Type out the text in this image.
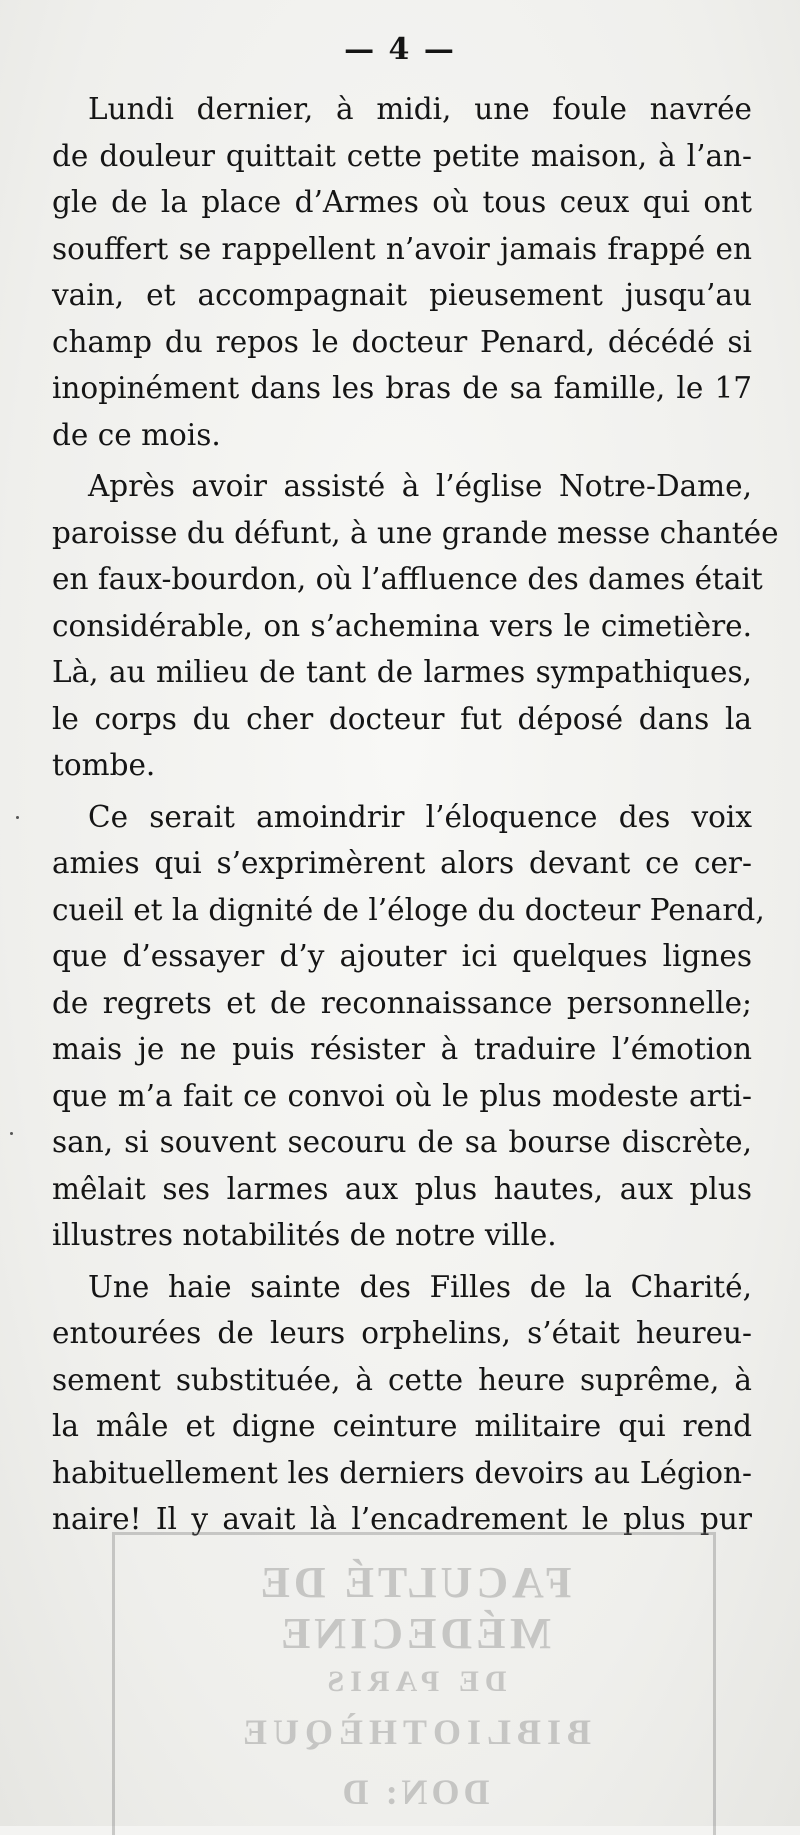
— 4 —
Lundi dernier, à midi, une foule navrée
de douleur quittait cette petite maison, à l’an-
gle de la place d’Armes où tous ceux qui ont
souffert se rappellent n’avoir jamais frappé en
vain, et accompagnait pieusement jusqu’au
champ du repos le docteur Penard, décédé si
inopinément dans les bras de sa famille, le 17
de ce mois.
Après avoir assisté à l’église Notre-Dame,
paroisse du défunt, à une grande messe chantée
en faux-bourdon, où l’affluence des dames était
considérable, on s’achemina vers le cimetière.
Là, au milieu de tant de larmes sympathiques,
le corps du cher docteur fut déposé dans la
tombe.
Ce serait amoindrir l’éloquence des voix
amies qui s’exprimèrent alors devant ce cer-
cueil et la dignité de l’éloge du docteur Penard,
que d’essayer d’y ajouter ici quelques lignes
de regrets et de reconnaissance personnelle;
mais je ne puis résister à traduire l’émotion
que m’a fait ce convoi où le plus modeste arti-
san, si souvent secouru de sa bourse discrète,
mêlait ses larmes aux plus hautes, aux plus
illustres notabilités de notre ville.
Une haie sainte des Filles de la Charité,
entourées de leurs orphelins, s’était heureu-
sement substituée, à cette heure suprême, à
la mâle et digne ceinture militaire qui rend
habituellement les derniers devoirs au Légion-
naire! Il y avait là l’encadrement le plus pur
FACULTÉ DE MÉDECINE
DE PARIS
BIBLIOTHÈQUE
DON: D
